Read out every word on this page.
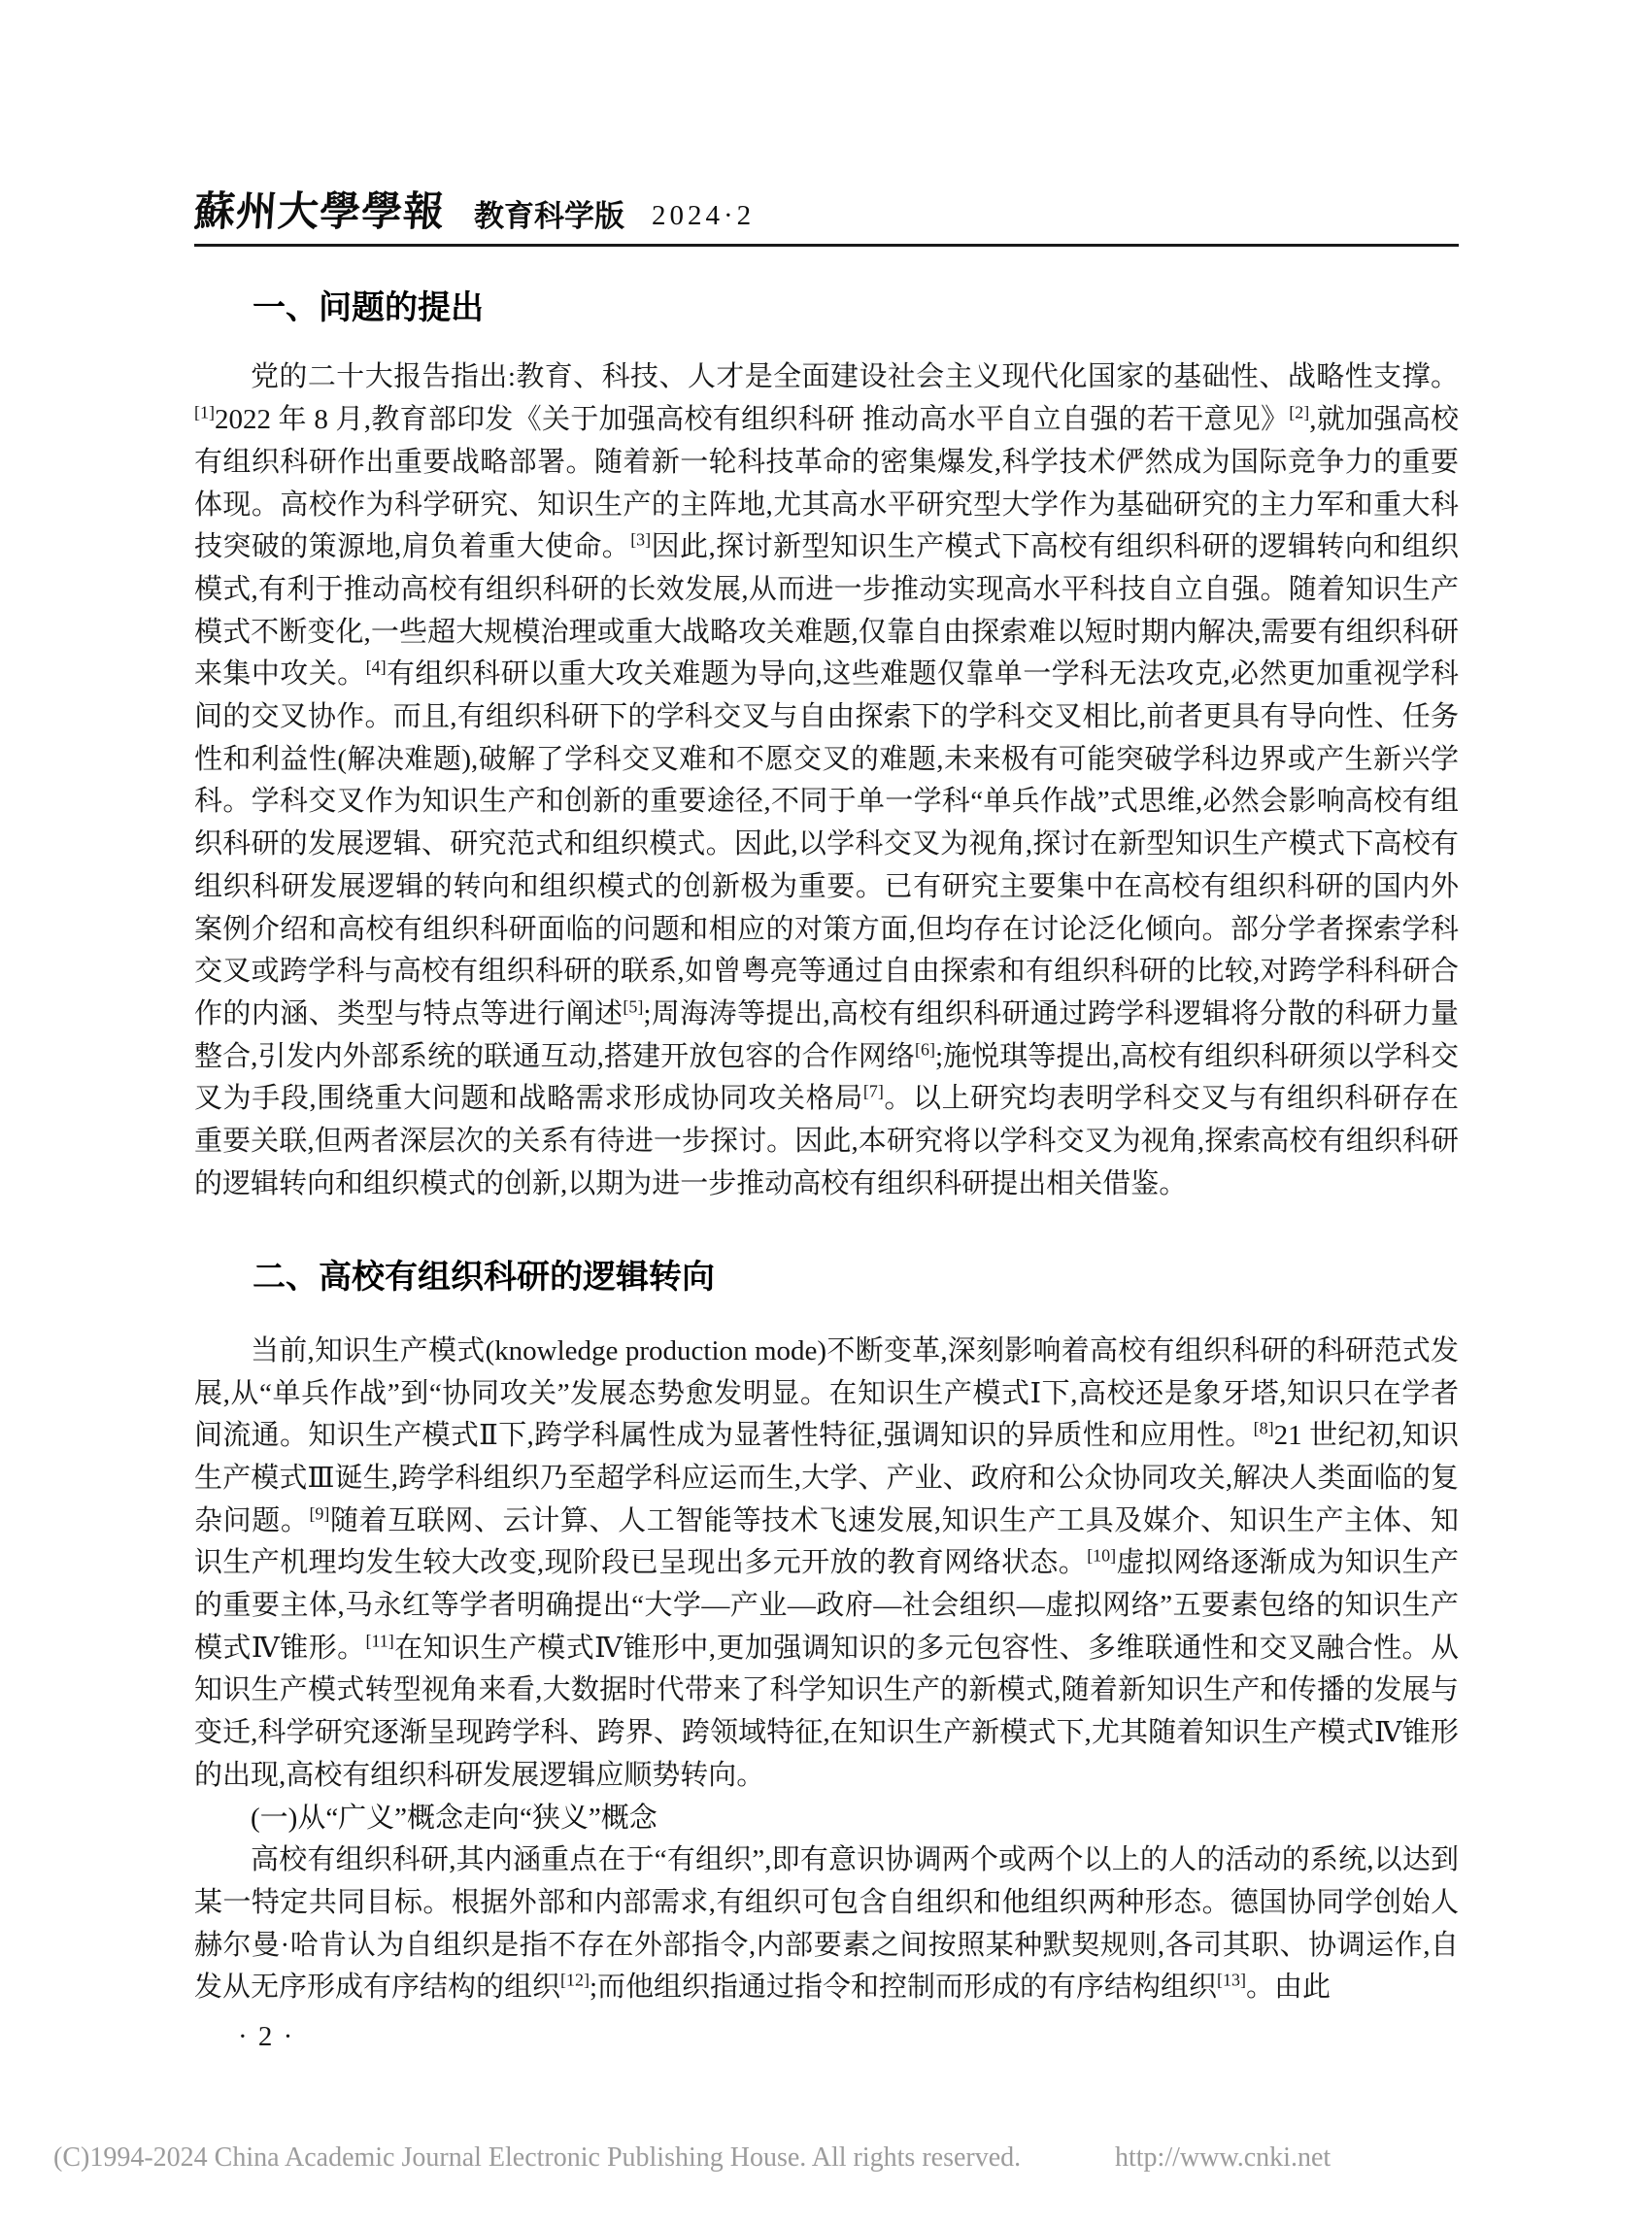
蘇州大學學報 教育科学版 2024·2
一、问题的提出

党的二十大报告指出:教育、科技、人才是全面建设社会主义现代化国家的基础性、战略性支撑。[1]2022 年 8 月,教育部印发《关于加强高校有组织科研 推动高水平自立自强的若干意见》[2],就加强高校有组织科研作出重要战略部署。随着新一轮科技革命的密集爆发,科学技术俨然成为国际竞争力的重要体现。高校作为科学研究、知识生产的主阵地,尤其高水平研究型大学作为基础研究的主力军和重大科技突破的策源地,肩负着重大使命。[3]因此,探讨新型知识生产模式下高校有组织科研的逻辑转向和组织模式,有利于推动高校有组织科研的长效发展,从而进一步推动实现高水平科技自立自强。随着知识生产模式不断变化,一些超大规模治理或重大战略攻关难题,仅靠自由探索难以短时期内解决,需要有组织科研来集中攻关。[4]有组织科研以重大攻关难题为导向,这些难题仅靠单一学科无法攻克,必然更加重视学科间的交叉协作。而且,有组织科研下的学科交叉与自由探索下的学科交叉相比,前者更具有导向性、任务性和利益性(解决难题),破解了学科交叉难和不愿交叉的难题,未来极有可能突破学科边界或产生新兴学科。学科交叉作为知识生产和创新的重要途径,不同于单一学科“单兵作战”式思维,必然会影响高校有组织科研的发展逻辑、研究范式和组织模式。因此,以学科交叉为视角,探讨在新型知识生产模式下高校有组织科研发展逻辑的转向和组织模式的创新极为重要。已有研究主要集中在高校有组织科研的国内外案例介绍和高校有组织科研面临的问题和相应的对策方面,但均存在讨论泛化倾向。部分学者探索学科交叉或跨学科与高校有组织科研的联系,如曾粤亮等通过自由探索和有组织科研的比较,对跨学科科研合作的内涵、类型与特点等进行阐述[5];周海涛等提出,高校有组织科研通过跨学科逻辑将分散的科研力量整合,引发内外部系统的联通互动,搭建开放包容的合作网络[6];施悦琪等提出,高校有组织科研须以学科交叉为手段,围绕重大问题和战略需求形成协同攻关格局[7]。以上研究均表明学科交叉与有组织科研存在重要关联,但两者深层次的关系有待进一步探讨。因此,本研究将以学科交叉为视角,探索高校有组织科研的逻辑转向和组织模式的创新,以期为进一步推动高校有组织科研提出相关借鉴。

二、高校有组织科研的逻辑转向

当前,知识生产模式(knowledge production mode)不断变革,深刻影响着高校有组织科研的科研范式发展,从“单兵作战”到“协同攻关”发展态势愈发明显。在知识生产模式Ⅰ下,高校还是象牙塔,知识只在学者间流通。知识生产模式Ⅱ下,跨学科属性成为显著性特征,强调知识的异质性和应用性。[8]21 世纪初,知识生产模式Ⅲ诞生,跨学科组织乃至超学科应运而生,大学、产业、政府和公众协同攻关,解决人类面临的复杂问题。[9]随着互联网、云计算、人工智能等技术飞速发展,知识生产工具及媒介、知识生产主体、知识生产机理均发生较大改变,现阶段已呈现出多元开放的教育网络状态。[10]虚拟网络逐渐成为知识生产的重要主体,马永红等学者明确提出“大学—产业—政府—社会组织—虚拟网络”五要素包络的知识生产模式Ⅳ锥形。[11]在知识生产模式Ⅳ锥形中,更加强调知识的多元包容性、多维联通性和交叉融合性。从知识生产模式转型视角来看,大数据时代带来了科学知识生产的新模式,随着新知识生产和传播的发展与变迁,科学研究逐渐呈现跨学科、跨界、跨领域特征,在知识生产新模式下,尤其随着知识生产模式Ⅳ锥形的出现,高校有组织科研发展逻辑应顺势转向。

(一)从“广义”概念走向“狭义”概念

高校有组织科研,其内涵重点在于“有组织”,即有意识协调两个或两个以上的人的活动的系统,以达到某一特定共同目标。根据外部和内部需求,有组织可包含自组织和他组织两种形态。德国协同学创始人赫尔曼·哈肯认为自组织是指不存在外部指令,内部要素之间按照某种默契规则,各司其职、协调运作,自发从无序形成有序结构的组织[12];而他组织指通过指令和控制而形成的有序结构组织[13]。由此

· 2 ·
(C)1994-2024 China Academic Journal Electronic Publishing House. All rights reserved.	http://www.cnki.net
